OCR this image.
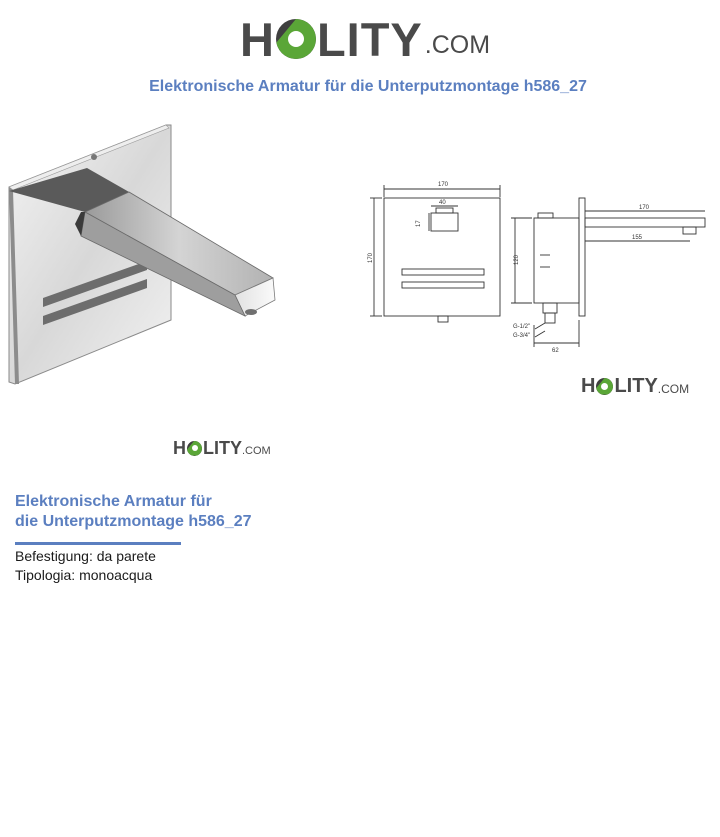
H LITY .COM
Elektronische Armatur für die Unterputzmontage h586_27
170
40
17
170
170
155
120
G-1/2"
G-3/4"
62
H LITY .COM
H LITY .COM
Elektronische Armatur für
die Unterputzmontage h586_27
Befestigung: da parete
Tipologia: monoacqua
